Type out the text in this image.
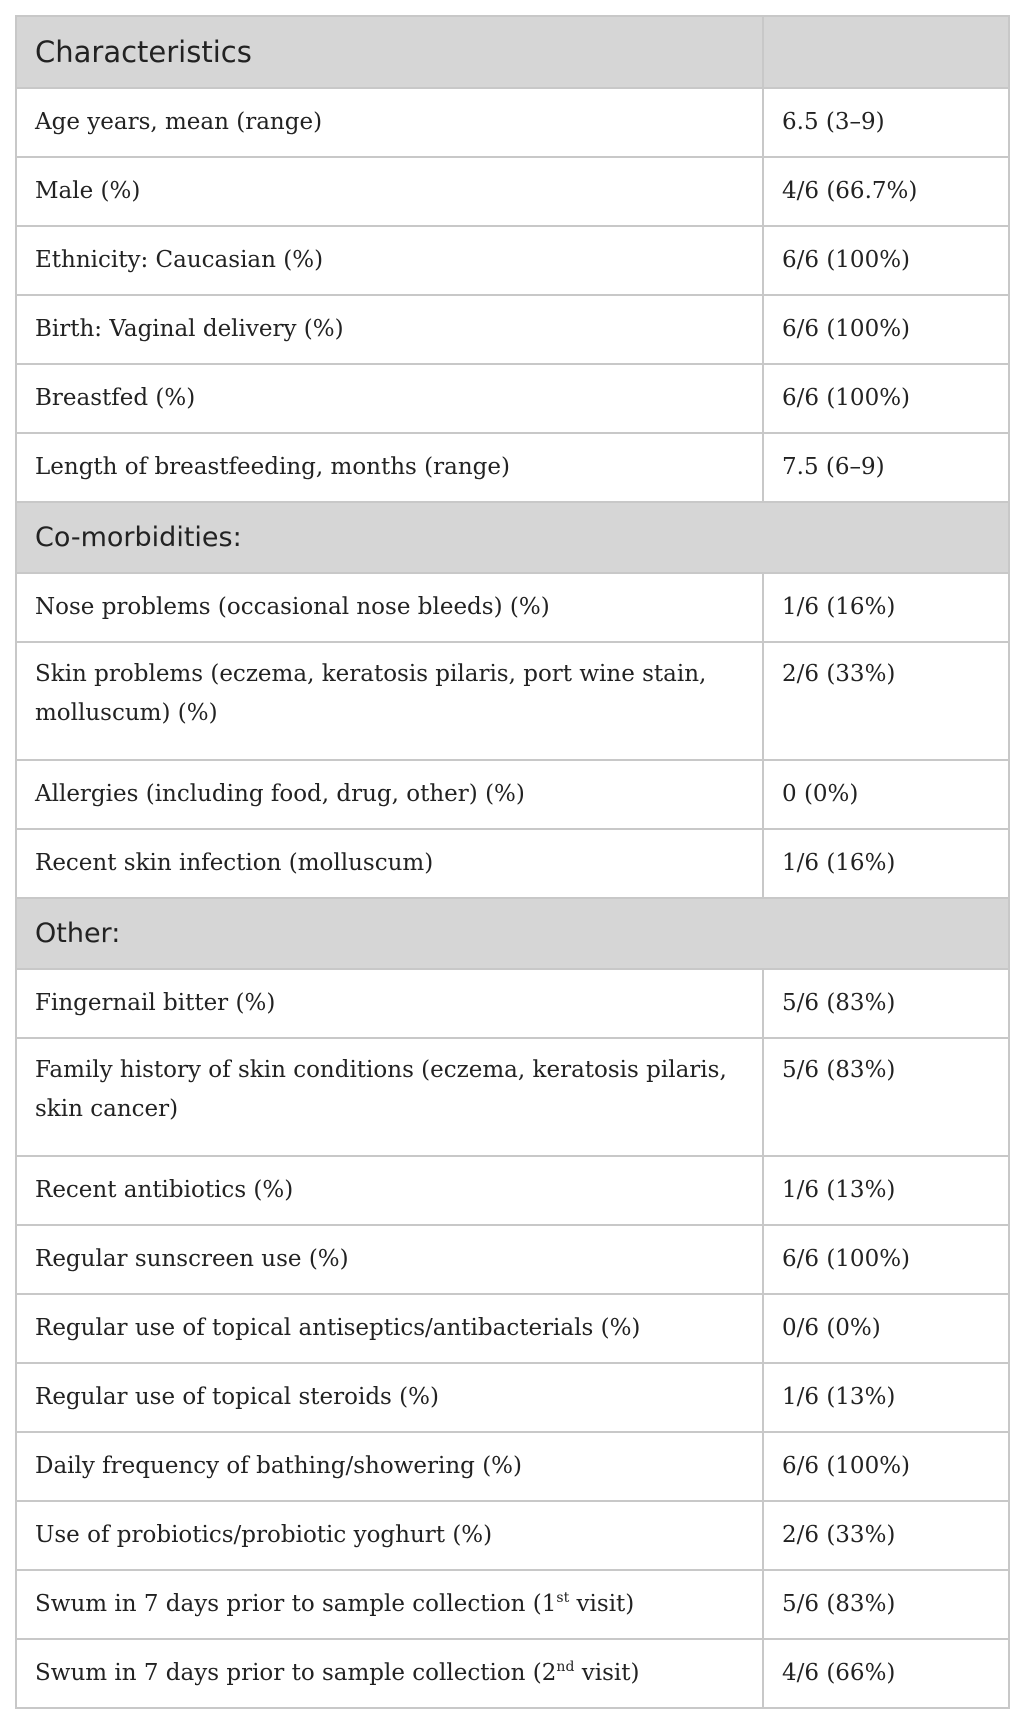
Characteristics	
Age years, mean (range)	6.5 (3–9)
Male (%)	4/6 (66.7%)
Ethnicity: Caucasian (%)	6/6 (100%)
Birth: Vaginal delivery (%)	6/6 (100%)
Breastfed (%)	6/6 (100%)
Length of breastfeeding, months (range)	7.5 (6–9)
Co-morbidities:	
Nose problems (occasional nose bleeds) (%)	1/6 (16%)
Skin problems (eczema, keratosis pilaris, port wine stain, molluscum) (%)	2/6 (33%)
Allergies (including food, drug, other) (%)	0 (0%)
Recent skin infection (molluscum)	1/6 (16%)
Other:	
Fingernail bitter (%)	5/6 (83%)
Family history of skin conditions (eczema, keratosis pilaris, skin cancer)	5/6 (83%)
Recent antibiotics (%)	1/6 (13%)
Regular sunscreen use (%)	6/6 (100%)
Regular use of topical antiseptics/antibacterials (%)	0/6 (0%)
Regular use of topical steroids (%)	1/6 (13%)
Daily frequency of bathing/showering (%)	6/6 (100%)
Use of probiotics/probiotic yoghurt (%)	2/6 (33%)
Swum in 7 days prior to sample collection (1st visit)	5/6 (83%)
Swum in 7 days prior to sample collection (2nd visit)	4/6 (66%)
